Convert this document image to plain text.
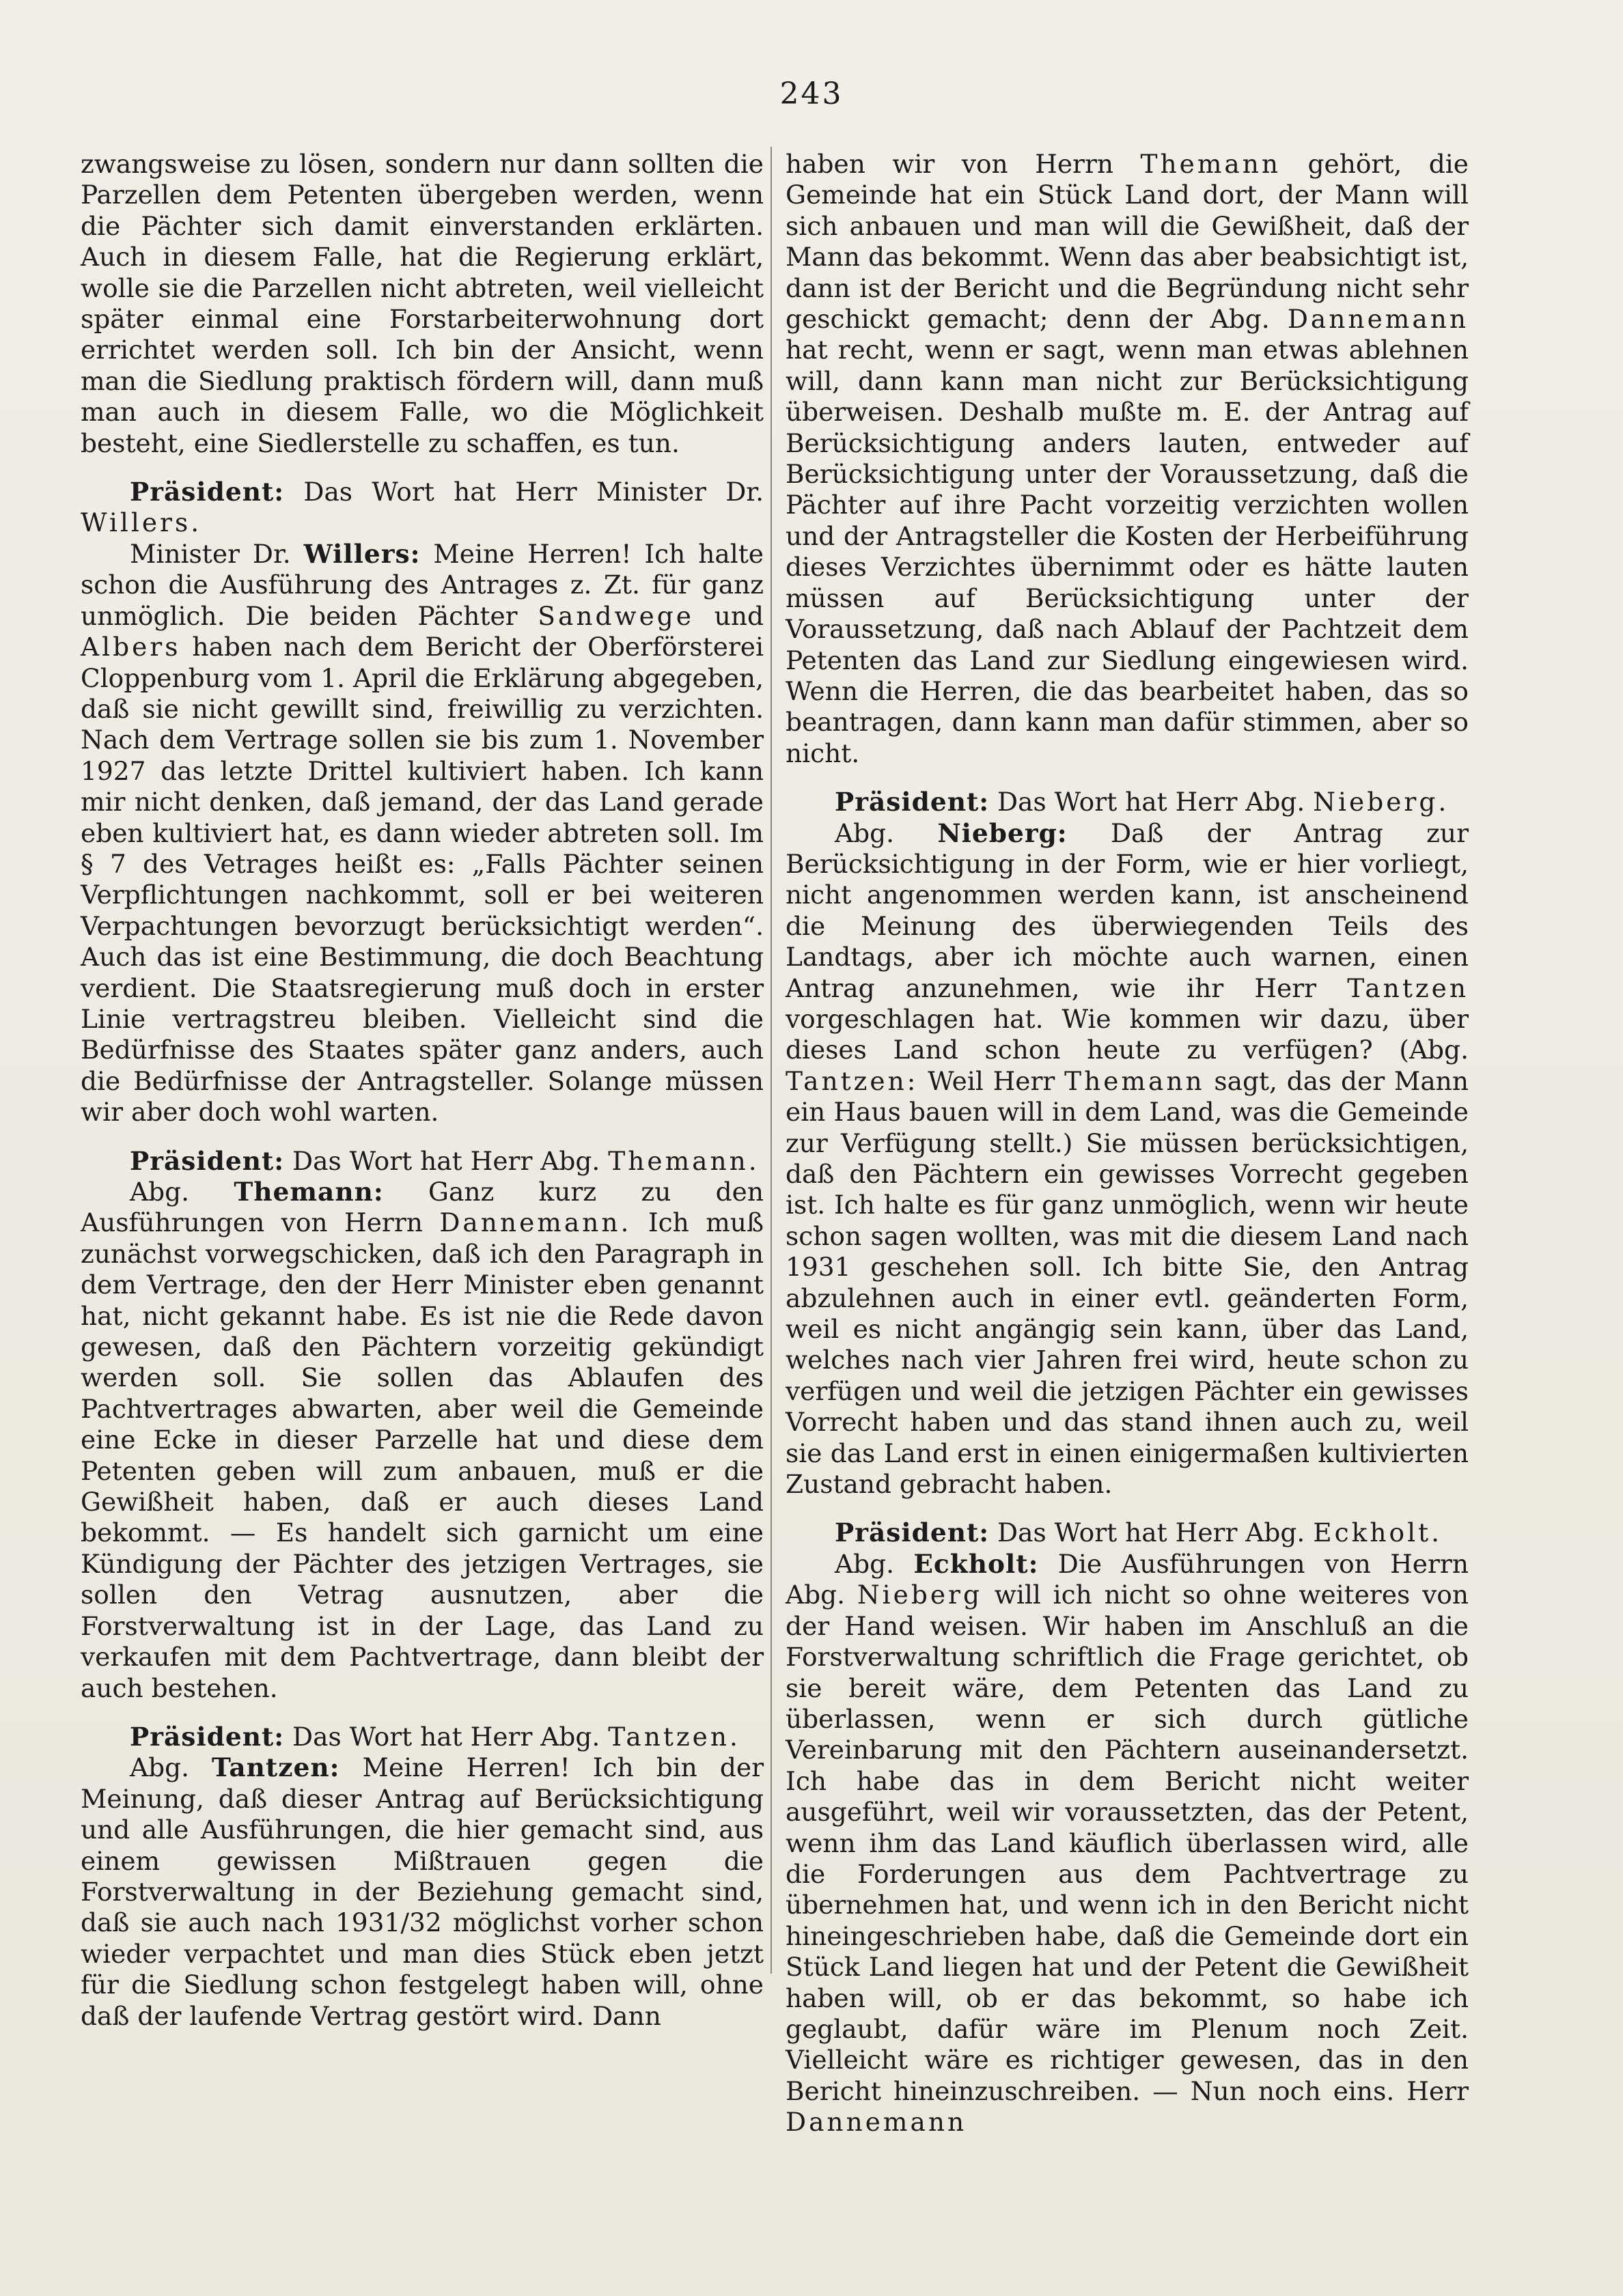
243

zwangsweise zu lösen, sondern nur dann sollten die Parzellen dem Petenten übergeben werden, wenn die Pächter sich damit einverstanden erklärten. Auch in diesem Falle, hat die Regierung erklärt, wolle sie die Parzellen nicht abtreten, weil vielleicht später einmal eine Forstarbeiterwohnung dort errichtet werden soll. Ich bin der Ansicht, wenn man die Siedlung praktisch fördern will, dann muß man auch in diesem Falle, wo die Möglichkeit besteht, eine Siedlerstelle zu schaffen, es tun.

Präsident: Das Wort hat Herr Minister Dr. Willers.

Minister Dr. Willers: Meine Herren! Ich halte schon die Ausführung des Antrages z. Zt. für ganz unmöglich. Die beiden Pächter Sandwege und Albers haben nach dem Bericht der Oberförsterei Cloppenburg vom 1. April die Erklärung abgegeben, daß sie nicht gewillt sind, freiwillig zu verzichten. Nach dem Vertrage sollen sie bis zum 1. November 1927 das letzte Drittel kultiviert haben. Ich kann mir nicht denken, daß jemand, der das Land gerade eben kultiviert hat, es dann wieder abtreten soll. Im § 7 des Vetrages heißt es: „Falls Pächter seinen Verpflichtungen nachkommt, soll er bei weiteren Verpachtungen bevorzugt berücksichtigt werden“. Auch das ist eine Bestimmung, die doch Beachtung verdient. Die Staatsregierung muß doch in erster Linie vertragstreu bleiben. Vielleicht sind die Bedürfnisse des Staates später ganz anders, auch die Bedürfnisse der Antragsteller. Solange müssen wir aber doch wohl warten.

Präsident: Das Wort hat Herr Abg. Themann.

Abg. Themann: Ganz kurz zu den Ausführungen von Herrn Dannemann. Ich muß zunächst vorwegschicken, daß ich den Paragraph in dem Vertrage, den der Herr Minister eben genannt hat, nicht gekannt habe. Es ist nie die Rede davon gewesen, daß den Pächtern vorzeitig gekündigt werden soll. Sie sollen das Ablaufen des Pachtvertrages abwarten, aber weil die Gemeinde eine Ecke in dieser Parzelle hat und diese dem Petenten geben will zum anbauen, muß er die Gewißheit haben, daß er auch dieses Land bekommt. — Es handelt sich garnicht um eine Kündigung der Pächter des jetzigen Vertrages, sie sollen den Vetrag ausnutzen, aber die Forstverwaltung ist in der Lage, das Land zu verkaufen mit dem Pachtvertrage, dann bleibt der auch bestehen.

Präsident: Das Wort hat Herr Abg. Tantzen.

Abg. Tantzen: Meine Herren! Ich bin der Meinung, daß dieser Antrag auf Berücksichtigung und alle Ausführungen, die hier gemacht sind, aus einem gewissen Mißtrauen gegen die Forstverwaltung in der Beziehung gemacht sind, daß sie auch nach 1931/32 möglichst vorher schon wieder verpachtet und man dies Stück eben jetzt für die Siedlung schon festgelegt haben will, ohne daß der laufende Vertrag gestört wird. Dann

haben wir von Herrn Themann gehört, die Gemeinde hat ein Stück Land dort, der Mann will sich anbauen und man will die Gewißheit, daß der Mann das bekommt. Wenn das aber beabsichtigt ist, dann ist der Bericht und die Begründung nicht sehr geschickt gemacht; denn der Abg. Dannemann hat recht, wenn er sagt, wenn man etwas ablehnen will, dann kann man nicht zur Berücksichtigung überweisen. Deshalb mußte m. E. der Antrag auf Berücksichtigung anders lauten, entweder auf Berücksichtigung unter der Voraussetzung, daß die Pächter auf ihre Pacht vorzeitig verzichten wollen und der Antragsteller die Kosten der Herbeiführung dieses Verzichtes übernimmt oder es hätte lauten müssen auf Berücksichtigung unter der Voraussetzung, daß nach Ablauf der Pachtzeit dem Petenten das Land zur Siedlung eingewiesen wird. Wenn die Herren, die das bearbeitet haben, das so beantragen, dann kann man dafür stimmen, aber so nicht.

Präsident: Das Wort hat Herr Abg. Nieberg.

Abg. Nieberg: Daß der Antrag zur Berücksichtigung in der Form, wie er hier vorliegt, nicht angenommen werden kann, ist anscheinend die Meinung des überwiegenden Teils des Landtags, aber ich möchte auch warnen, einen Antrag anzunehmen, wie ihr Herr Tantzen vorgeschlagen hat. Wie kommen wir dazu, über dieses Land schon heute zu verfügen? (Abg. Tantzen: Weil Herr Themann sagt, das der Mann ein Haus bauen will in dem Land, was die Gemeinde zur Verfügung stellt.) Sie müssen berücksichtigen, daß den Pächtern ein gewisses Vorrecht gegeben ist. Ich halte es für ganz unmöglich, wenn wir heute schon sagen wollten, was mit die diesem Land nach 1931 geschehen soll. Ich bitte Sie, den Antrag abzulehnen auch in einer evtl. geänderten Form, weil es nicht angängig sein kann, über das Land, welches nach vier Jahren frei wird, heute schon zu verfügen und weil die jetzigen Pächter ein gewisses Vorrecht haben und das stand ihnen auch zu, weil sie das Land erst in einen einigermaßen kultivierten Zustand gebracht haben.

Präsident: Das Wort hat Herr Abg. Eckholt.

Abg. Eckholt: Die Ausführungen von Herrn Abg. Nieberg will ich nicht so ohne weiteres von der Hand weisen. Wir haben im Anschluß an die Forstverwaltung schriftlich die Frage gerichtet, ob sie bereit wäre, dem Petenten das Land zu überlassen, wenn er sich durch gütliche Vereinbarung mit den Pächtern auseinandersetzt. Ich habe das in dem Bericht nicht weiter ausgeführt, weil wir voraussetzten, das der Petent, wenn ihm das Land käuflich überlassen wird, alle die Forderungen aus dem Pachtvertrage zu übernehmen hat, und wenn ich in den Bericht nicht hineingeschrieben habe, daß die Gemeinde dort ein Stück Land liegen hat und der Petent die Gewißheit haben will, ob er das bekommt, so habe ich geglaubt, dafür wäre im Plenum noch Zeit. Vielleicht wäre es richtiger gewesen, das in den Bericht hineinzuschreiben. — Nun noch eins. Herr Dannemann
